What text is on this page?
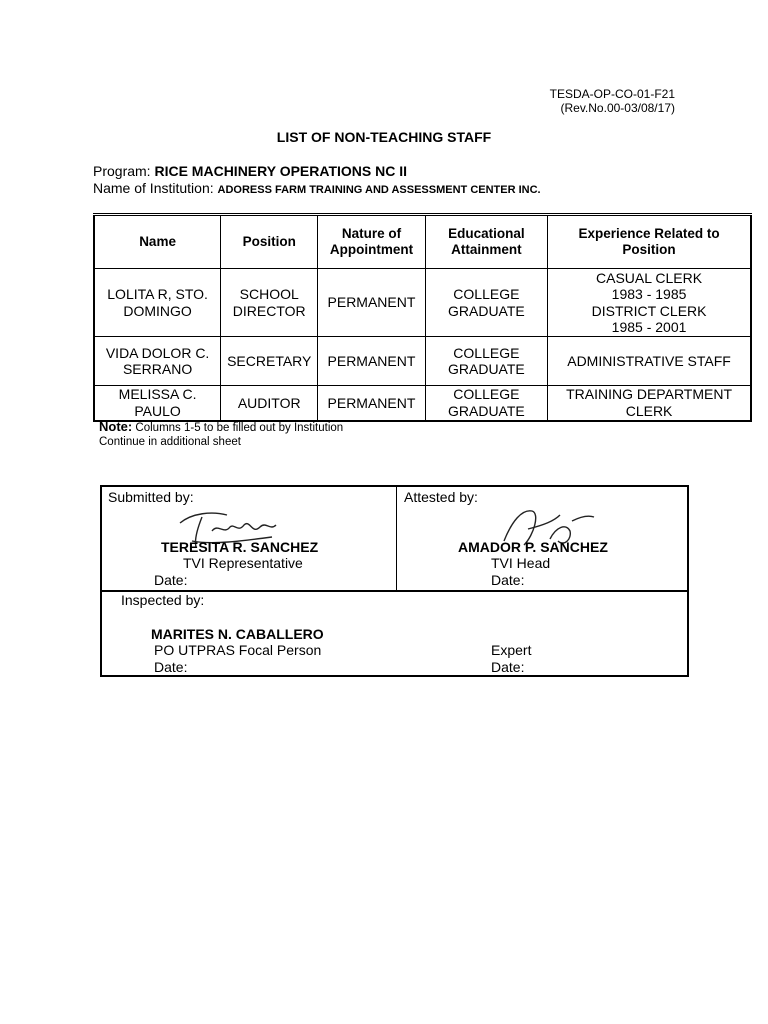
TESDA-OP-CO-01-F21
(Rev.No.00-03/08/17)
LIST OF NON-TEACHING STAFF
Program: RICE MACHINERY OPERATIONS NC II
Name of Institution: ADORESS FARM TRAINING AND ASSESSMENT CENTER INC.
Name	Position	Nature of Appointment	Educational Attainment	Experience Related to Position
LOLITA R, STO. DOMINGO	SCHOOL DIRECTOR	PERMANENT	COLLEGE GRADUATE	CASUAL CLERK
1983 - 1985
DISTRICT CLERK
1985 - 2001

VIDA DOLOR C. SERRANO	SECRETARY	PERMANENT	COLLEGE GRADUATE	ADMINISTRATIVE STAFF
MELISSA C. PAULO	AUDITOR	PERMANENT	COLLEGE GRADUATE	TRAINING DEPARTMENT CLERK
Note: Columns 1-5 to be filled out by Institution
Continue in additional sheet
Submitted by:
TERESITA R. SANCHEZ
TVI Representative
Date:
Attested by:
AMADOR P. SANCHEZ
TVI Head
Date:
Inspected by:
MARITES N. CABALLERO
PO UTPRAS Focal Person
Date:
Expert
Date:
